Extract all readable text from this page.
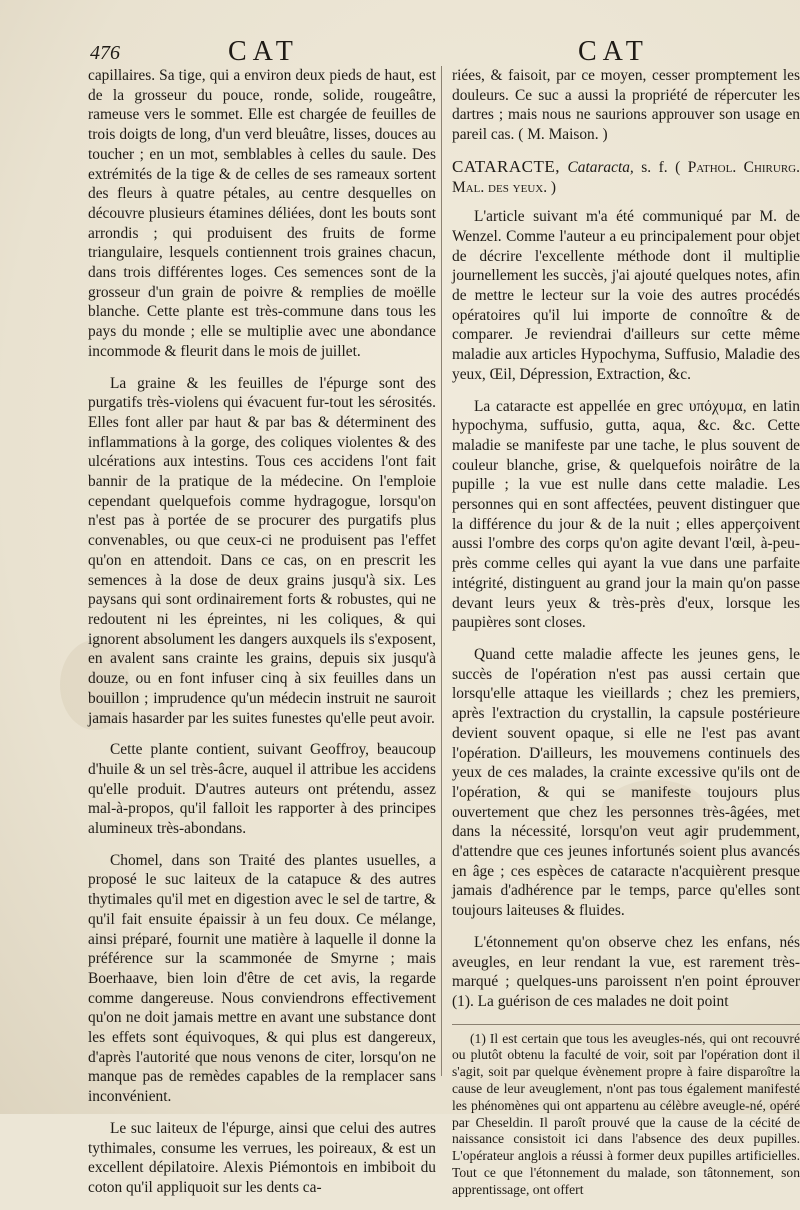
476	CAT	CAT

capillaires. Sa tige, qui a environ deux pieds de haut, est de la grosseur du pouce, ronde, solide, rougeâtre, rameuse vers le sommet. Elle est chargée de feuilles de trois doigts de long, d'un verd bleuâtre, lisses, douces au toucher ; en un mot, semblables à celles du saule. Des extrémités de la tige & de celles de ses rameaux sortent des fleurs à quatre pétales, au centre desquelles on découvre plusieurs étamines déliées, dont les bouts sont arrondis ; qui produisent des fruits de forme triangulaire, lesquels contiennent trois graines chacun, dans trois différentes loges. Ces semences sont de la grosseur d'un grain de poivre & remplies de moëlle blanche. Cette plante est très-commune dans tous les pays du monde ; elle se multiplie avec une abondance incommode & fleurit dans le mois de juillet.

La graine & les feuilles de l'épurge sont des purgatifs très-violens qui évacuent fur-tout les sérosités. Elles font aller par haut & par bas & déterminent des inflammations à la gorge, des coliques violentes & des ulcérations aux intestins. Tous ces accidens l'ont fait bannir de la pratique de la médecine. On l'emploie cependant quelquefois comme hydragogue, lorsqu'on n'est pas à portée de se procurer des purgatifs plus convenables, ou que ceux-ci ne produisent pas l'effet qu'on en attendoit. Dans ce cas, on en prescrit les semences à la dose de deux grains jusqu'à six. Les paysans qui sont ordinairement forts & robustes, qui ne redoutent ni les épreintes, ni les coliques, & qui ignorent absolument les dangers auxquels ils s'exposent, en avalent sans crainte les grains, depuis six jusqu'à douze, ou en font infuser cinq à six feuilles dans un bouillon ; imprudence qu'un médecin instruit ne sauroit jamais hasarder par les suites funestes qu'elle peut avoir.

Cette plante contient, suivant Geoffroy, beaucoup d'huile & un sel très-âcre, auquel il attribue les accidens qu'elle produit. D'autres auteurs ont prétendu, assez mal-à-propos, qu'il falloit les rapporter à des principes alumineux très-abondans.

Chomel, dans son Traité des plantes usuelles, a proposé le suc laiteux de la catapuce & des autres thytimales qu'il met en digestion avec le sel de tartre, & qu'il fait ensuite épaissir à un feu doux. Ce mélange, ainsi préparé, fournit une matière à laquelle il donne la préférence sur la scammonée de Smyrne ; mais Boerhaave, bien loin d'être de cet avis, la regarde comme dangereuse. Nous conviendrons effectivement qu'on ne doit jamais mettre en avant une substance dont les effets sont équivoques, & qui plus est dangereux, d'après l'autorité que nous venons de citer, lorsqu'on ne manque pas de remèdes capables de la remplacer sans inconvénient.

Le suc laiteux de l'épurge, ainsi que celui des autres tythimales, consume les verrues, les poireaux, & est un excellent dépilatoire. Alexis Piémontois en imbiboit du coton qu'il appliquoit sur les dents ca-

riées, & faisoit, par ce moyen, cesser promptement les douleurs. Ce suc a aussi la propriété de répercuter les dartres ; mais nous ne saurions approuver son usage en pareil cas. ( M. Maison. )

CATARACTE, Cataracta, s. f. ( Pathol. Chirurg. Mal. des yeux. )

L'article suivant m'a été communiqué par M. de Wenzel. Comme l'auteur a eu principalement pour objet de décrire l'excellente méthode dont il multiplie journellement les succès, j'ai ajouté quelques notes, afin de mettre le lecteur sur la voie des autres procédés opératoires qu'il lui importe de connoître & de comparer. Je reviendrai d'ailleurs sur cette même maladie aux articles Hypochyma, Suffusio, Maladie des yeux, Œil, Dépression, Extraction, &c.

La cataracte est appellée en grec υπόχυμα, en latin hypochyma, suffusio, gutta, aqua, &c. &c. Cette maladie se manifeste par une tache, le plus souvent de couleur blanche, grise, & quelquefois noirâtre de la pupille ; la vue est nulle dans cette maladie. Les personnes qui en sont affectées, peuvent distinguer que la différence du jour & de la nuit ; elles apperçoivent aussi l'ombre des corps qu'on agite devant l'œil, à-peu-près comme celles qui ayant la vue dans une parfaite intégrité, distinguent au grand jour la main qu'on passe devant leurs yeux & très-près d'eux, lorsque les paupières sont closes.

Quand cette maladie affecte les jeunes gens, le succès de l'opération n'est pas aussi certain que lorsqu'elle attaque les vieillards ; chez les premiers, après l'extraction du crystallin, la capsule postérieure devient souvent opaque, si elle ne l'est pas avant l'opération. D'ailleurs, les mouvemens continuels des yeux de ces malades, la crainte excessive qu'ils ont de l'opération, & qui se manifeste toujours plus ouvertement que chez les personnes très-âgées, met dans la nécessité, lorsqu'on veut agir prudemment, d'attendre que ces jeunes infortunés soient plus avancés en âge ; ces espèces de cataracte n'acquièrent presque jamais d'adhérence par le temps, parce qu'elles sont toujours laiteuses & fluides.

L'étonnement qu'on observe chez les enfans, nés aveugles, en leur rendant la vue, est rarement très-marqué ; quelques-uns paroissent n'en point éprouver (1). La guérison de ces malades ne doit point

(1) Il est certain que tous les aveugles-nés, qui ont recouvré ou plutôt obtenu la faculté de voir, soit par l'opération dont il s'agit, soit par quelque évènement propre à faire disparoître la cause de leur aveuglement, n'ont pas tous également manifesté les phénomènes qui ont appartenu au célèbre aveugle-né, opéré par Cheseldin. Il paroît prouvé que la cause de la cécité de naissance consistoit ici dans l'absence des deux pupilles. L'opérateur anglois a réussi à former deux pupilles artificielles. Tout ce que l'étonnement du malade, son tâtonnement, son apprentissage, ont offert
